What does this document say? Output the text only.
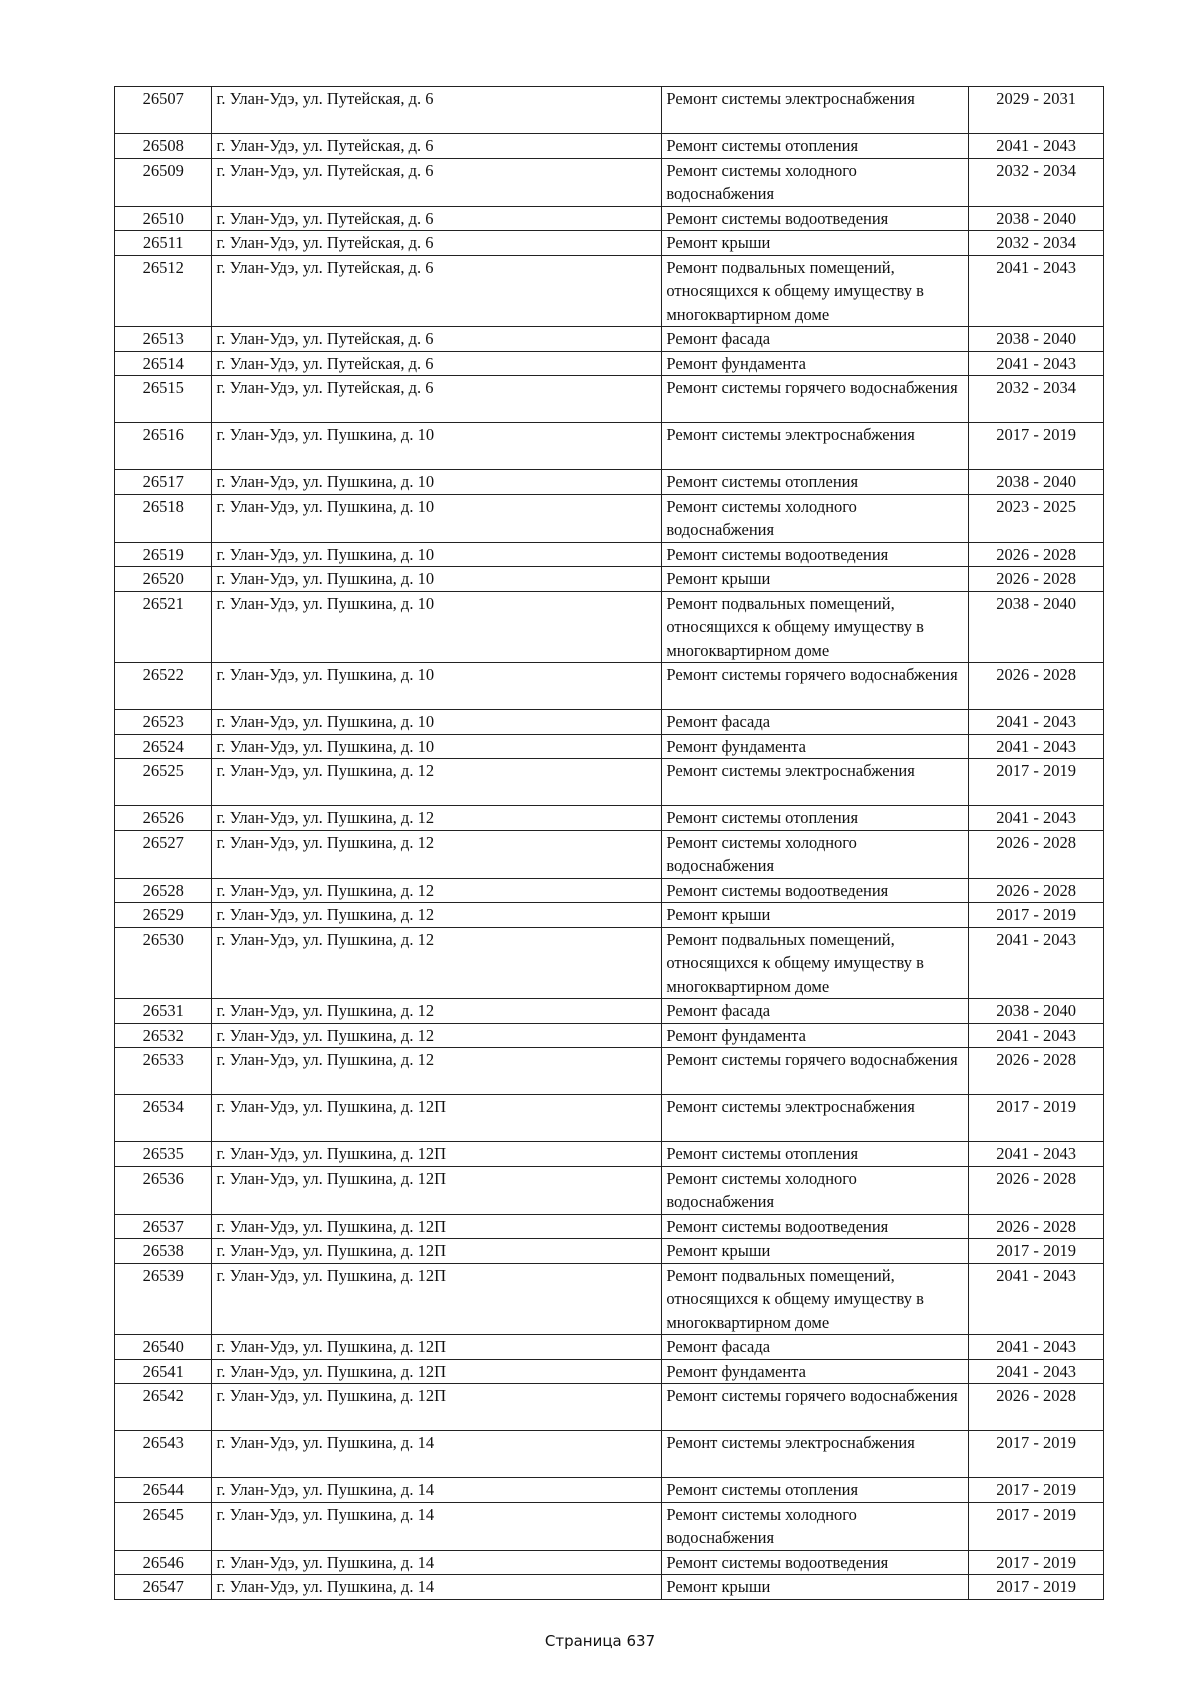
26507	г. Улан-Удэ, ул. Путейская, д. 6	Ремонт системы электроснабжения	2029 - 2031
26508	г. Улан-Удэ, ул. Путейская, д. 6	Ремонт системы отопления	2041 - 2043
26509	г. Улан-Удэ, ул. Путейская, д. 6	Ремонт системы холодного водоснабжения	2032 - 2034
26510	г. Улан-Удэ, ул. Путейская, д. 6	Ремонт системы водоотведения	2038 - 2040
26511	г. Улан-Удэ, ул. Путейская, д. 6	Ремонт крыши	2032 - 2034
26512	г. Улан-Удэ, ул. Путейская, д. 6	Ремонт подвальных помещений, относящихся к общему имуществу в многоквартирном доме	2041 - 2043
26513	г. Улан-Удэ, ул. Путейская, д. 6	Ремонт фасада	2038 - 2040
26514	г. Улан-Удэ, ул. Путейская, д. 6	Ремонт фундамента	2041 - 2043
26515	г. Улан-Удэ, ул. Путейская, д. 6	Ремонт системы горячего водоснабжения	2032 - 2034
26516	г. Улан-Удэ, ул. Пушкина, д. 10	Ремонт системы электроснабжения	2017 - 2019
26517	г. Улан-Удэ, ул. Пушкина, д. 10	Ремонт системы отопления	2038 - 2040
26518	г. Улан-Удэ, ул. Пушкина, д. 10	Ремонт системы холодного водоснабжения	2023 - 2025
26519	г. Улан-Удэ, ул. Пушкина, д. 10	Ремонт системы водоотведения	2026 - 2028
26520	г. Улан-Удэ, ул. Пушкина, д. 10	Ремонт крыши	2026 - 2028
26521	г. Улан-Удэ, ул. Пушкина, д. 10	Ремонт подвальных помещений, относящихся к общему имуществу в многоквартирном доме	2038 - 2040
26522	г. Улан-Удэ, ул. Пушкина, д. 10	Ремонт системы горячего водоснабжения	2026 - 2028
26523	г. Улан-Удэ, ул. Пушкина, д. 10	Ремонт фасада	2041 - 2043
26524	г. Улан-Удэ, ул. Пушкина, д. 10	Ремонт фундамента	2041 - 2043
26525	г. Улан-Удэ, ул. Пушкина, д. 12	Ремонт системы электроснабжения	2017 - 2019
26526	г. Улан-Удэ, ул. Пушкина, д. 12	Ремонт системы отопления	2041 - 2043
26527	г. Улан-Удэ, ул. Пушкина, д. 12	Ремонт системы холодного водоснабжения	2026 - 2028
26528	г. Улан-Удэ, ул. Пушкина, д. 12	Ремонт системы водоотведения	2026 - 2028
26529	г. Улан-Удэ, ул. Пушкина, д. 12	Ремонт крыши	2017 - 2019
26530	г. Улан-Удэ, ул. Пушкина, д. 12	Ремонт подвальных помещений, относящихся к общему имуществу в многоквартирном доме	2041 - 2043
26531	г. Улан-Удэ, ул. Пушкина, д. 12	Ремонт фасада	2038 - 2040
26532	г. Улан-Удэ, ул. Пушкина, д. 12	Ремонт фундамента	2041 - 2043
26533	г. Улан-Удэ, ул. Пушкина, д. 12	Ремонт системы горячего водоснабжения	2026 - 2028
26534	г. Улан-Удэ, ул. Пушкина, д. 12П	Ремонт системы электроснабжения	2017 - 2019
26535	г. Улан-Удэ, ул. Пушкина, д. 12П	Ремонт системы отопления	2041 - 2043
26536	г. Улан-Удэ, ул. Пушкина, д. 12П	Ремонт системы холодного водоснабжения	2026 - 2028
26537	г. Улан-Удэ, ул. Пушкина, д. 12П	Ремонт системы водоотведения	2026 - 2028
26538	г. Улан-Удэ, ул. Пушкина, д. 12П	Ремонт крыши	2017 - 2019
26539	г. Улан-Удэ, ул. Пушкина, д. 12П	Ремонт подвальных помещений, относящихся к общему имуществу в многоквартирном доме	2041 - 2043
26540	г. Улан-Удэ, ул. Пушкина, д. 12П	Ремонт фасада	2041 - 2043
26541	г. Улан-Удэ, ул. Пушкина, д. 12П	Ремонт фундамента	2041 - 2043
26542	г. Улан-Удэ, ул. Пушкина, д. 12П	Ремонт системы горячего водоснабжения	2026 - 2028
26543	г. Улан-Удэ, ул. Пушкина, д. 14	Ремонт системы электроснабжения	2017 - 2019
26544	г. Улан-Удэ, ул. Пушкина, д. 14	Ремонт системы отопления	2017 - 2019
26545	г. Улан-Удэ, ул. Пушкина, д. 14	Ремонт системы холодного водоснабжения	2017 - 2019
26546	г. Улан-Удэ, ул. Пушкина, д. 14	Ремонт системы водоотведения	2017 - 2019
26547	г. Улан-Удэ, ул. Пушкина, д. 14	Ремонт крыши	2017 - 2019
Страница 637
